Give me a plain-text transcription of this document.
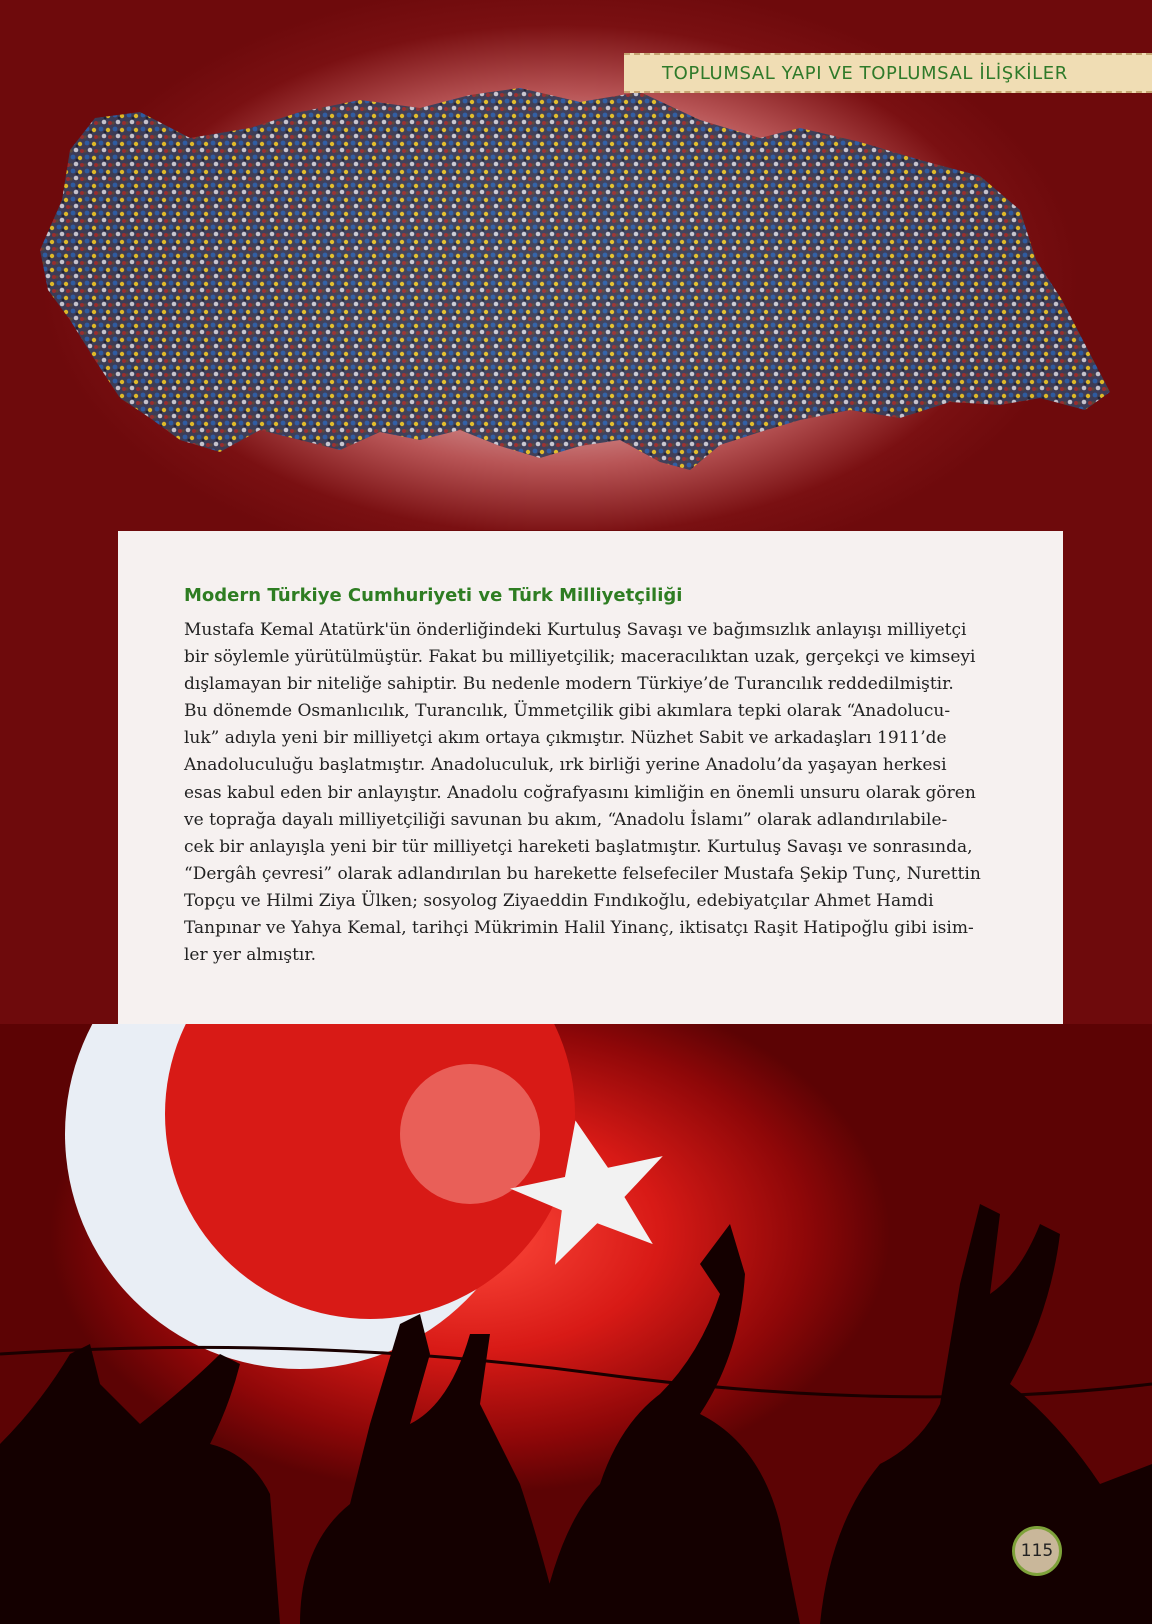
TOPLUMSAL YAPI VE TOPLUMSAL İLİŞKİLER
Modern Türkiye Cumhuriyeti ve Türk Milliyetçiliği

Mustafa Kemal Atatürk'ün önderliğindeki Kurtuluş Savaşı ve bağımsızlık anlayışı milliyetçi
bir söylemle yürütülmüştür. Fakat bu milliyetçilik; maceracılıktan uzak, gerçekçi ve kimseyi
dışlamayan bir niteliğe sahiptir. Bu nedenle modern Türkiye’de Turancılık reddedilmiştir.
Bu dönemde Osmanlıcılık, Turancılık, Ümmetçilik gibi akımlara tepki olarak “Anadolucu-
luk” adıyla yeni bir milliyetçi akım ortaya çıkmıştır. Nüzhet Sabit ve arkadaşları 1911’de
Anadoluculuğu başlatmıştır. Anadoluculuk, ırk birliği yerine Anadolu’da yaşayan herkesi
esas kabul eden bir anlayıştır. Anadolu coğrafyasını kimliğin en önemli unsuru olarak gören
ve toprağa dayalı milliyetçiliği savunan bu akım, “Anadolu İslamı” olarak adlandırılabile-
cek bir anlayışla yeni bir tür milliyetçi hareketi başlatmıştır. Kurtuluş Savaşı ve sonrasında,
“Dergâh çevresi” olarak adlandırılan bu harekette felsefeciler Mustafa Şekip Tunç, Nurettin
Topçu ve Hilmi Ziya Ülken; sosyolog Ziyaeddin Fındıkoğlu, edebiyatçılar Ahmet Hamdi
Tanpınar ve Yahya Kemal, tarihçi Mükrimin Halil Yinanç, iktisatçı Raşit Hatipoğlu gibi isim-
ler yer almıştır.

115
